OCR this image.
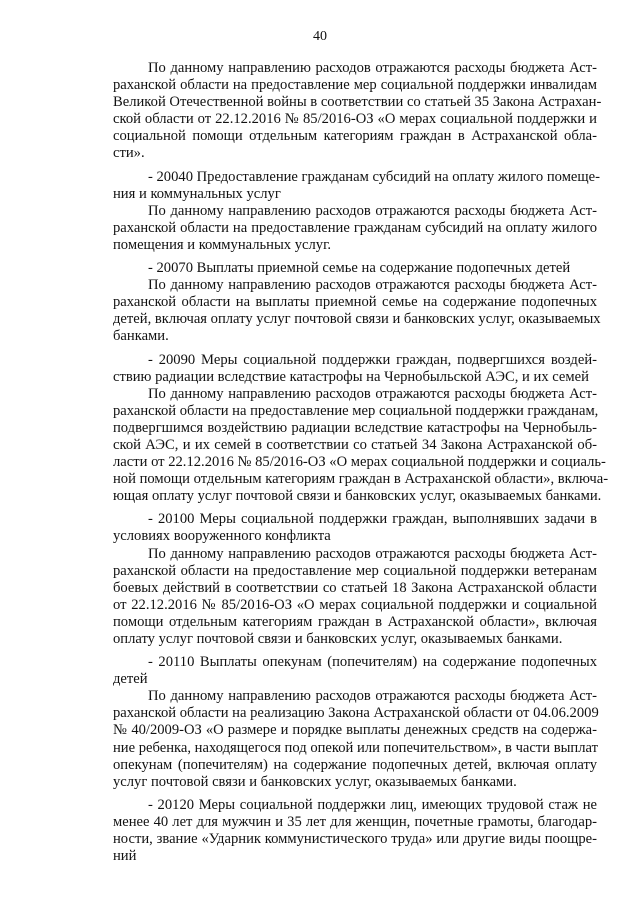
40
По данному направлению расходов отражаются расходы бюджета Аст-
раханской области на предоставление мер социальной поддержки инвалидам
Великой Отечественной войны в соответствии со статьей 35 Закона Астрахан-
ской области от 22.12.2016 № 85/2016-ОЗ «О мерах социальной поддержки и
социальной помощи отдельным категориям граждан в Астраханской обла-
сти».
- 20040 Предоставление гражданам субсидий на оплату жилого помеще-
ния и коммунальных услуг
По данному направлению расходов отражаются расходы бюджета Аст-
раханской области на предоставление гражданам субсидий на оплату жилого
помещения и коммунальных услуг.
- 20070 Выплаты приемной семье на содержание подопечных детей
По данному направлению расходов отражаются расходы бюджета Аст-
раханской области на выплаты приемной семье на содержание подопечных
детей, включая оплату услуг почтовой связи и банковских услуг, оказываемых
банками.
- 20090 Меры социальной поддержки граждан, подвергшихся воздей-
ствию радиации вследствие катастрофы на Чернобыльской АЭС, и их семей
По данному направлению расходов отражаются расходы бюджета Аст-
раханской области на предоставление мер социальной поддержки гражданам,
подвергшимся воздействию радиации вследствие катастрофы на Чернобыль-
ской АЭС, и их семей в соответствии со статьей 34 Закона Астраханской об-
ласти от 22.12.2016 № 85/2016-ОЗ «О мерах социальной поддержки и социаль-
ной помощи отдельным категориям граждан в Астраханской области», включа-
ющая оплату услуг почтовой связи и банковских услуг, оказываемых банками.
- 20100 Меры социальной поддержки граждан, выполнявших задачи в
условиях вооруженного конфликта
По данному направлению расходов отражаются расходы бюджета Аст-
раханской области на предоставление мер социальной поддержки ветеранам
боевых действий в соответствии со статьей 18 Закона Астраханской области
от 22.12.2016 № 85/2016-ОЗ «О мерах социальной поддержки и социальной
помощи отдельным категориям граждан в Астраханской области», включая
оплату услуг почтовой связи и банковских услуг, оказываемых банками.
- 20110 Выплаты опекунам (попечителям) на содержание подопечных
детей
По данному направлению расходов отражаются расходы бюджета Аст-
раханской области на реализацию Закона Астраханской области от 04.06.2009
№ 40/2009-ОЗ «О размере и порядке выплаты денежных средств на содержа-
ние ребенка, находящегося под опекой или попечительством», в части выплат
опекунам (попечителям) на содержание подопечных детей, включая оплату
услуг почтовой связи и банковских услуг, оказываемых банками.
- 20120 Меры социальной поддержки лиц, имеющих трудовой стаж не
менее 40 лет для мужчин и 35 лет для женщин, почетные грамоты, благодар-
ности, звание «Ударник коммунистического труда» или другие виды поощре-
ний
